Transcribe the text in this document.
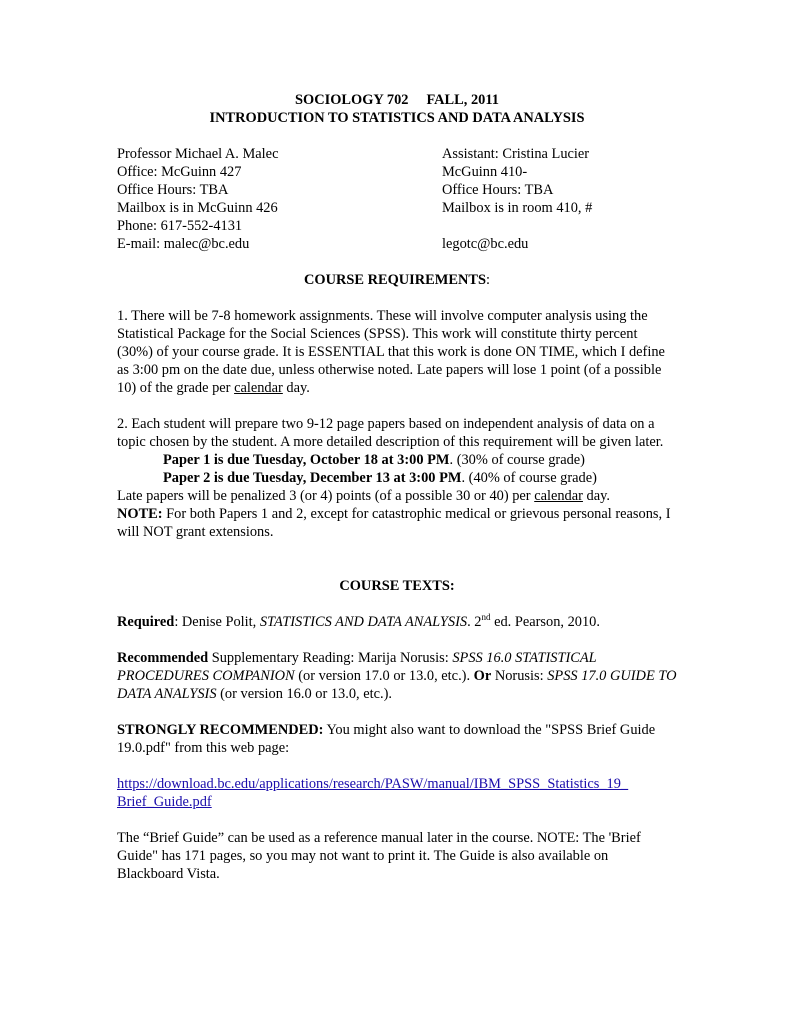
SOCIOLOGY 702     FALL, 2011

INTRODUCTION TO STATISTICS AND DATA ANALYSIS

Professor Michael A. Malec
Office: McGuinn 427
Office Hours: TBA
Mailbox is in McGuinn 426
Phone: 617-552-4131
E-mail: malec@bc.edu
Assistant: Cristina Lucier
McGuinn 410-
Office Hours: TBA
Mailbox is in room 410, #

legotc@bc.edu

COURSE REQUIREMENTS:

1. There will be 7-8 homework assignments. These will involve computer analysis using the Statistical Package for the Social Sciences (SPSS). This work will constitute thirty percent (30%) of your course grade. It is ESSENTIAL that this work is done ON TIME, which I define as 3:00 pm on the date due, unless otherwise noted. Late papers will lose 1 point (of a possible 10) of the grade per calendar day.

2. Each student will prepare two 9-12 page papers based on independent analysis of data on a topic chosen by the student. A more detailed description of this requirement will be given later.

Paper 1 is due Tuesday, October 18 at 3:00 PM. (30% of course grade)

Paper 2 is due Tuesday, December 13 at 3:00 PM. (40% of course grade)

Late papers will be penalized 3 (or 4) points (of a possible 30 or 40) per calendar day.

NOTE: For both Papers 1 and 2, except for catastrophic medical or grievous personal reasons, I will NOT grant extensions.

COURSE TEXTS:

Required: Denise Polit, STATISTICS AND DATA ANALYSIS. 2nd ed. Pearson, 2010.

Recommended Supplementary Reading: Marija Norusis: SPSS 16.0 STATISTICAL PROCEDURES COMPANION (or version 17.0 or 13.0, etc.). Or Norusis: SPSS 17.0 GUIDE TO DATA ANALYSIS (or version 16.0 or 13.0, etc.).

STRONGLY RECOMMENDED: You might also want to download the "SPSS Brief Guide 19.0.pdf" from this web page:

https://download.bc.edu/applications/research/PASW/manual/IBM_SPSS_Statistics_19_
Brief_Guide.pdf

The “Brief Guide” can be used as a reference manual later in the course. NOTE: The 'Brief Guide" has 171 pages, so you may not want to print it. The Guide is also available on Blackboard Vista.
